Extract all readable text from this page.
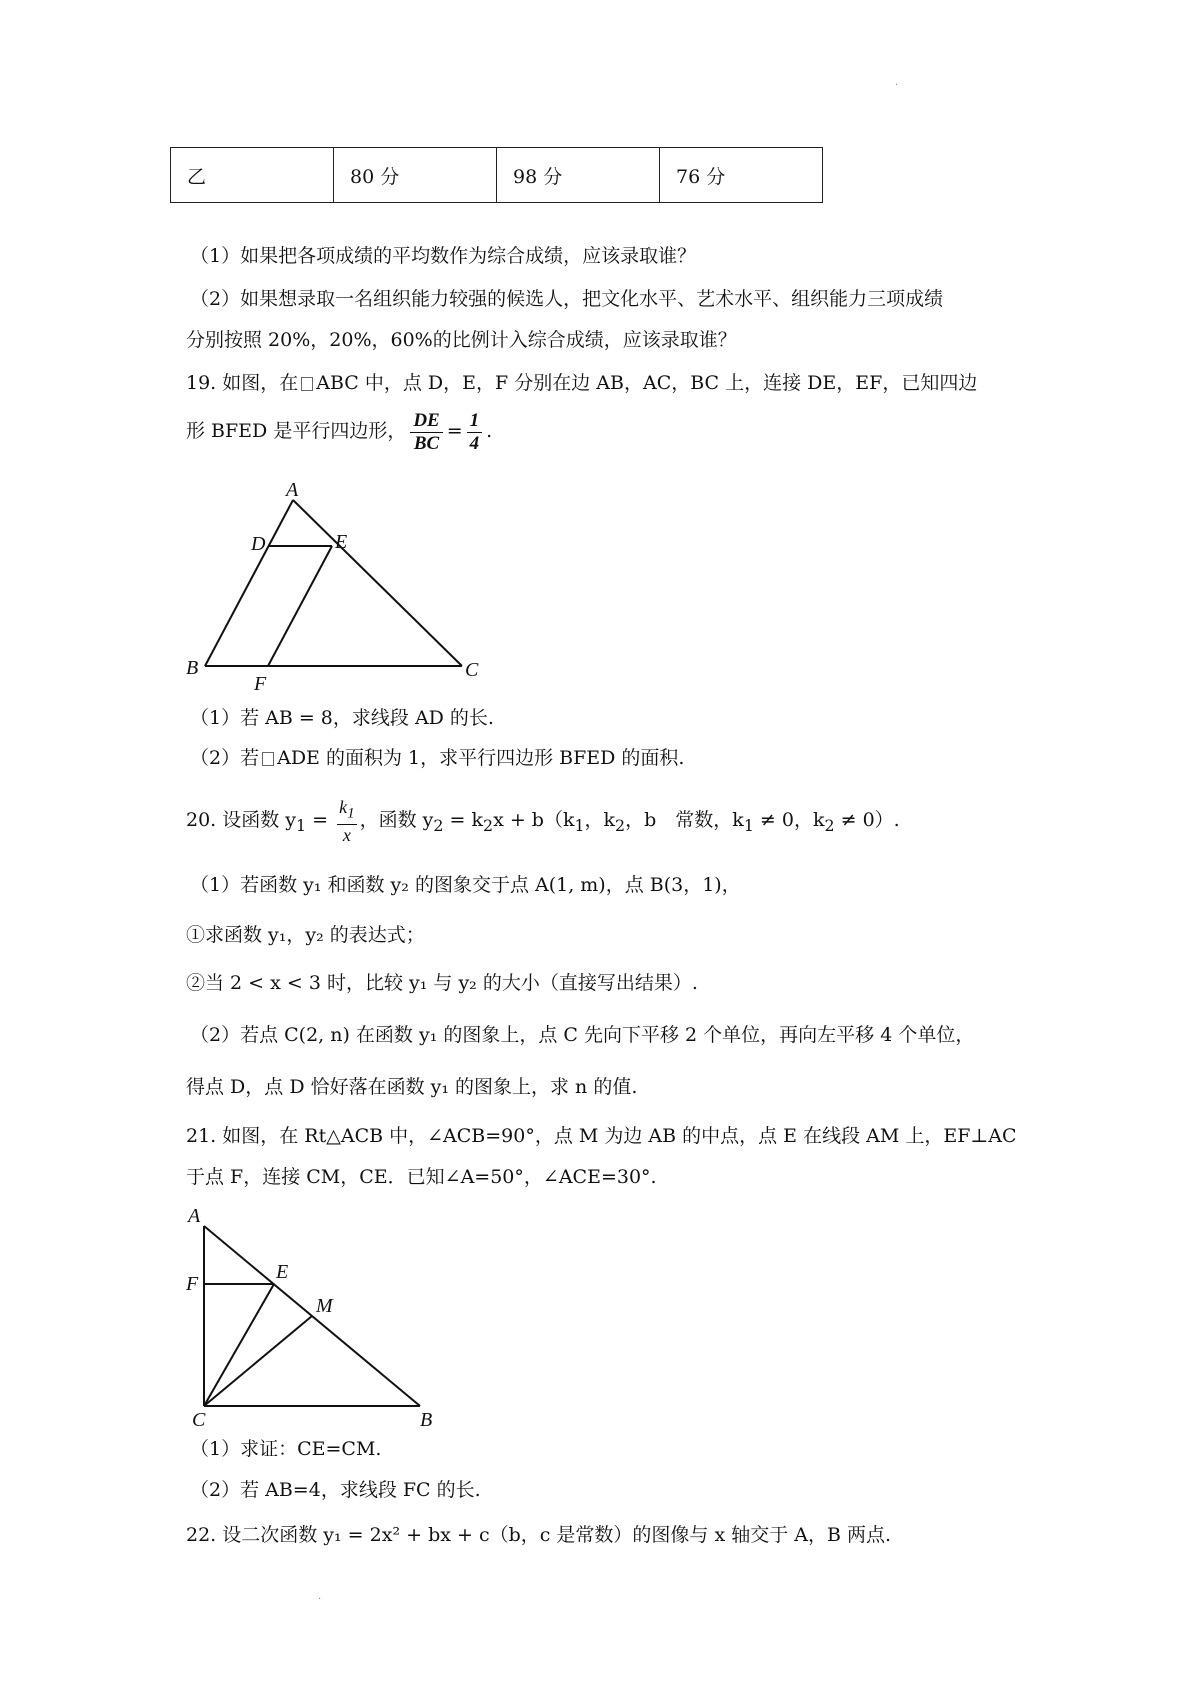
·
乙	80 分	98 分	76 分
（1）如果把各项成绩的平均数作为综合成绩，应该录取谁？
（2）如果想录取一名组织能力较强的候选人，把文化水平、艺术水平、组织能力三项成绩
分别按照 20%，20%，60%的比例计入综合成绩，应该录取谁？
19. 如图，在 ABC 中，点 D，E，F 分别在边 AB，AC，BC 上，连接 DE，EF，已知四边
形 BFED 是平行四边形， $\frac{DE}{BC} = \frac{1}{4}$ .
A
D	E
B
F
C
（1）若 AB = 8，求线段 AD 的长.
（2）若 ADE 的面积为 1，求平行四边形 BFED 的面积.
20. 设函数 $y_1 = \frac{k_1}{x}$ ，函数 $y_2 = k_2x + b(k_1$，$k_2$，b　常数，$k_1 \ne 0$，$k_2 \ne 0$）.
（1）若函数 y₁ 和函数 y₂ 的图象交于点 A(1, m)，点 B(3，1)，
①求函数 y₁，y₂ 的表达式；
②当 2 < x < 3 时，比较 y₁ 与 y₂ 的大小（直接写出结果）.
（2）若点 C(2, n) 在函数 y₁ 的图象上，点 C 先向下平移 2 个单位，再向左平移 4 个单位，
得点 D，点 D 恰好落在函数 y₁ 的图象上，求 n 的值.
21. 如图，在 Rt△ACB 中，∠ACB=90°，点 M 为边 AB 的中点，点 E 在线段 AM 上，EF⊥AC
于点 F，连接 CM，CE．已知∠A=50°，∠ACE=30°.
A
F
E
M
C	B
（1）求证：CE=CM.
（2）若 AB=4，求线段 FC 的长.
22. 设二次函数 y₁ = 2x² + bx + c（b，c 是常数）的图像与 x 轴交于 A，B 两点.
·
